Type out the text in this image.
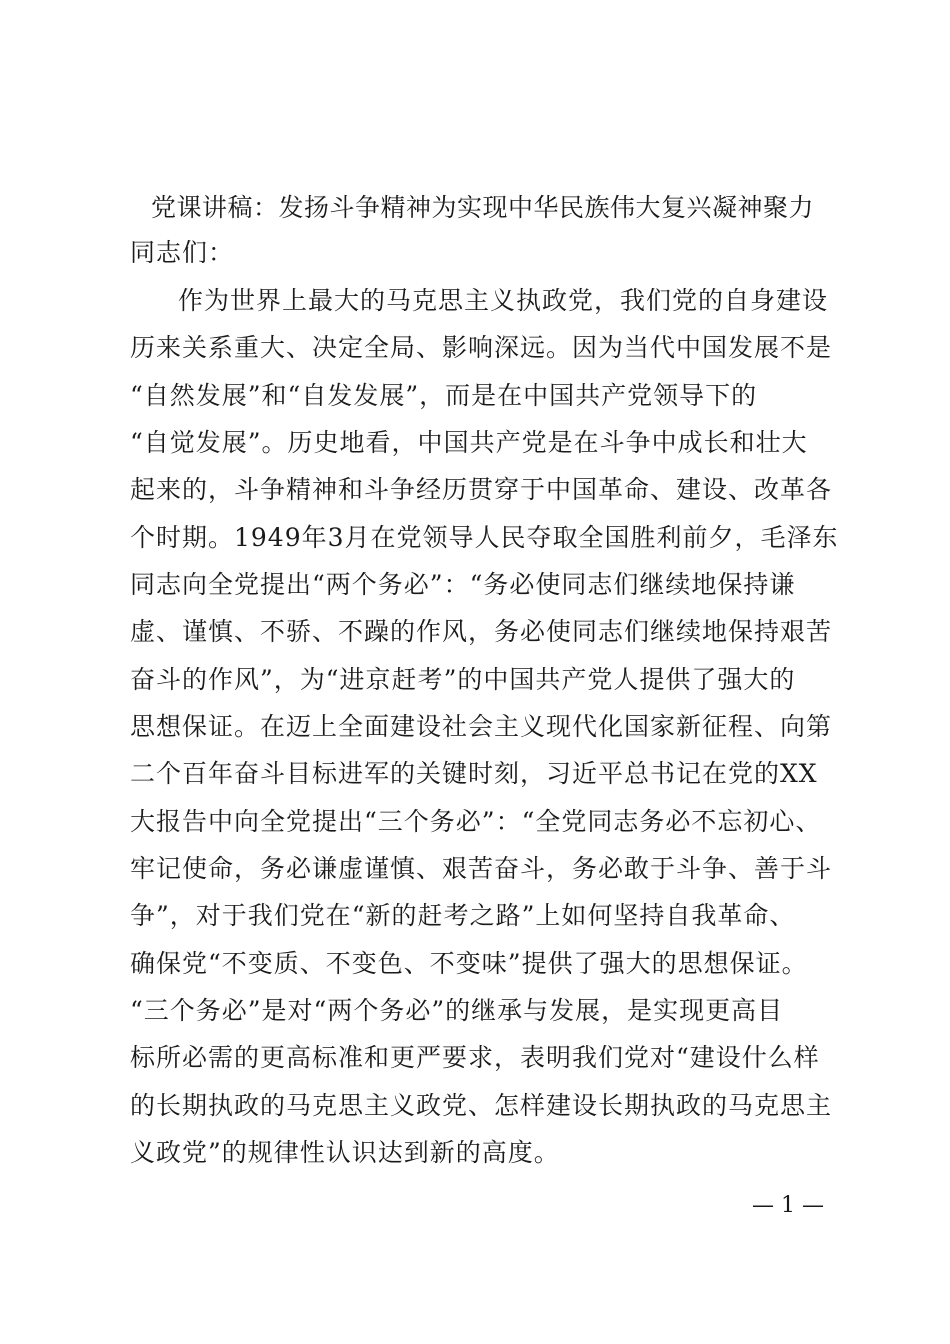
党课讲稿：发扬斗争精神为实现中华民族伟大复兴凝神聚力
同志们：
作为世界上最大的马克思主义执政党，我们党的自身建设
历来关系重大、决定全局、影响深远。因为当代中国发展不是
“自然发展”和“自发发展”，而是在中国共产党领导下的
“自觉发展”。历史地看，中国共产党是在斗争中成长和壮大
起来的，斗争精神和斗争经历贯穿于中国革命、建设、改革各
个时期。1949年3月在党领导人民夺取全国胜利前夕，毛泽东
同志向全党提出“两个务必”：“务必使同志们继续地保持谦
虚、谨慎、不骄、不躁的作风，务必使同志们继续地保持艰苦
奋斗的作风”，为“进京赶考”的中国共产党人提供了强大的
思想保证。在迈上全面建设社会主义现代化国家新征程、向第
二个百年奋斗目标进军的关键时刻，习近平总书记在党的XX
大报告中向全党提出“三个务必”：“全党同志务必不忘初心、
牢记使命，务必谦虚谨慎、艰苦奋斗，务必敢于斗争、善于斗
争”，对于我们党在“新的赶考之路”上如何坚持自我革命、
确保党“不变质、不变色、不变味”提供了强大的思想保证。
“三个务必”是对“两个务必”的继承与发展，是实现更高目
标所必需的更高标准和更严要求，表明我们党对“建设什么样
的长期执政的马克思主义政党、怎样建设长期执政的马克思主
义政党”的规律性认识达到新的高度。
— 1 —
